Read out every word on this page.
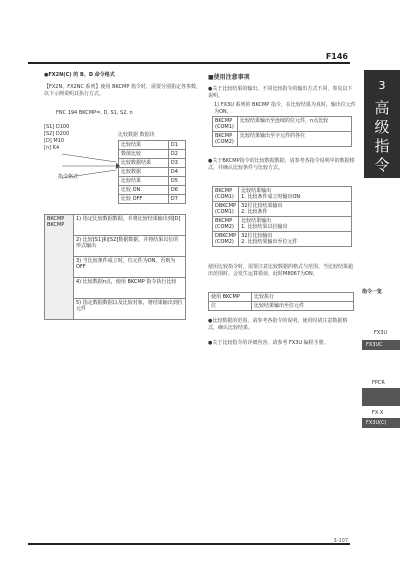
F146
●FX2N(C) 的 B、D 命令格式
【FX2N、FX2NC 系列】使用 BKCMP 指令时，需要分别指定各参数，以下示例说明其执行方式。
FNC 194 BKCMP=, D, S1, S2, n
[S1] D100
[S2] D200
[D] M10
[n] K4
比较数据 数据块
比较结果	D1
数值比较	D2
比较数据结果	D3
比较数据	D4
比较结果	D5
比较 ON	D6
比较 OFF	D7
指令格式
BKCMP BKCMP	1) 指定比较数据数据，并将比较结果输出到[D]
2) 比较[S1]和[S2]数据数据，并将结果以位的形式输出
3) 当比较条件成立时，位元件为ON，否则为OFF
4) 比较数据n点，使用 BKCMP 指令执行比较
5) 指定数据数据以及比较对象，将结果输出到位元件
■使用注意事项
●关于比较结果的输出，不同比较指令的输出方式不同，参见以下说明。
1) FX3U 系列的 BKCMP 指令，在比较结果为真时，输出位元件为ON。
BKCMP
(COM1)	比较结果输出至连续的位元件，n点比较
BKCMP
(COM2)	比较结果输出至字元件的各位
●关于BKCMP指令的比较数据数据，请参考各指令说明中的数据格式，并确认比较条件与比较方式。
BKCMP
(COM1)	比较结果输出
1. 比较条件成立时输出ON
DBKCMP
(COM1)	32位比较结果输出
2. 比较条件
BKCMP
(COM2)	比较结果输出
1. 比较结果以位输出
DBKCMP
(COM2)	32位比较输出
2. 比较结果输出至位元件
使用比较指令时，需要注意比较数据的格式与范围，当比较结果超出范围时，会发生运算错误，此时M8067为ON。
使用 BKCMP	比较执行
位	比较结果输出至位元件
●比较数据的范围，请参考各指令的说明。使用时请注意数据格式，确认比较结果。
●关于比较指令的详细内容，请参考 FX3U 编程手册。
3
高
级
指
令
指令一览
FX3U
FX3UC
FPCR
FX·X
FX3U(C)
3-107
